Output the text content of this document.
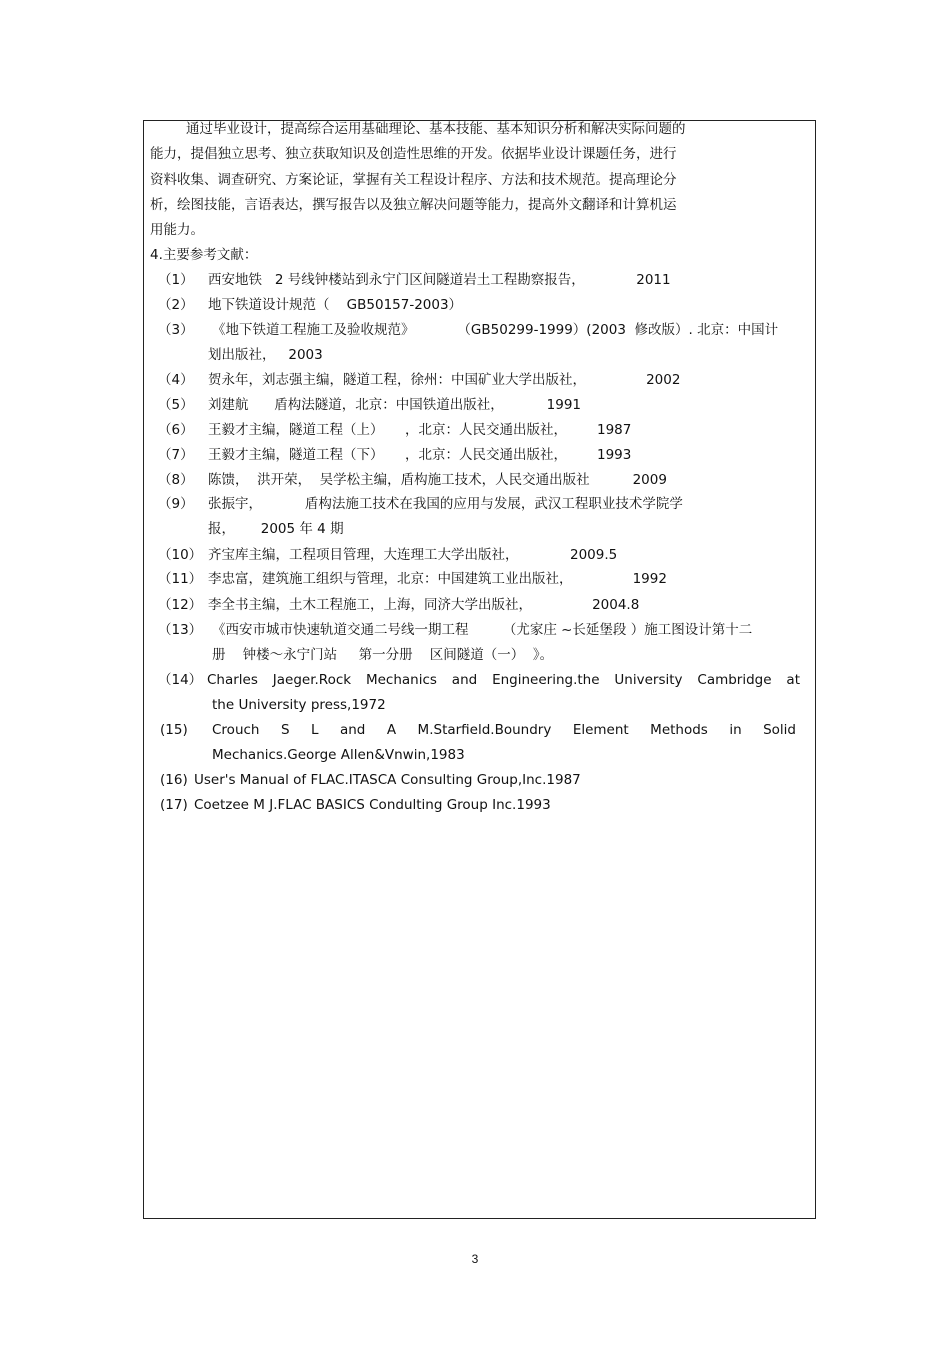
通过毕业设计，提高综合运用基础理论、基本技能、基本知识分析和解决实际问题的
能力，提倡独立思考、独立获取知识及创造性思维的开发。依据毕业设计课题任务，进行
资料收集、调查研究、方案论证，掌握有关工程设计程序、方法和技术规范。提高理论分
析，绘图技能，言语表达，撰写报告以及独立解决问题等能力，提高外文翻译和计算机运
用能力。
4.主要参考文献：
（1） 西安地铁   2 号线钟楼站到永宁门区间隧道岩土工程勘察报告，            2011
（2） 地下铁道设计规范（    GB50157-2003）
（3） 《地下铁道工程施工及验收规范》          （GB50299-1999）(2003  修改版）. 北京：中国计
划出版社，   2003
（4） 贺永年，刘志强主编，隧道工程，徐州：中国矿业大学出版社，              2002
（5） 刘建航      盾构法隧道，北京：中国铁道出版社，          1991
（6） 王毅才主编，隧道工程（上）     ，北京：人民交通出版社，       1987
（7） 王毅才主编，隧道工程（下）     ，北京：人民交通出版社，       1993
（8） 陈馈，  洪开荣，  吴学松主编，盾构施工技术，人民交通出版社          2009
（9） 张振宇，          盾构法施工技术在我国的应用与发展，武汉工程职业技术学院学
报，      2005 年 4 期
（10） 齐宝库主编，工程项目管理，大连理工大学出版社，            2009.5
（11） 李忠富，建筑施工组织与管理，北京：中国建筑工业出版社，              1992
（12） 李全书主编，土木工程施工，上海，同济大学出版社，              2004.8
（13） 《西安市城市快速轨道交通二号线一期工程        （尤家庄 ~长延堡段 ）施工图设计第十二
册    钟楼～永宁门站     第一分册    区间隧道（一）  》。
（14） Charles Jaeger.Rock Mechanics and Engineering.the University Cambridge at
the University press,1972
(15) Crouch S L and A M.Starfield.Boundry Element Methods in Solid
Mechanics.George Allen&Vnwin,1983
(16) User's Manual of FLAC.ITASCA Consulting Group,Inc.1987
(17) Coetzee M J.FLAC BASICS Condulting Group Inc.1993
3
